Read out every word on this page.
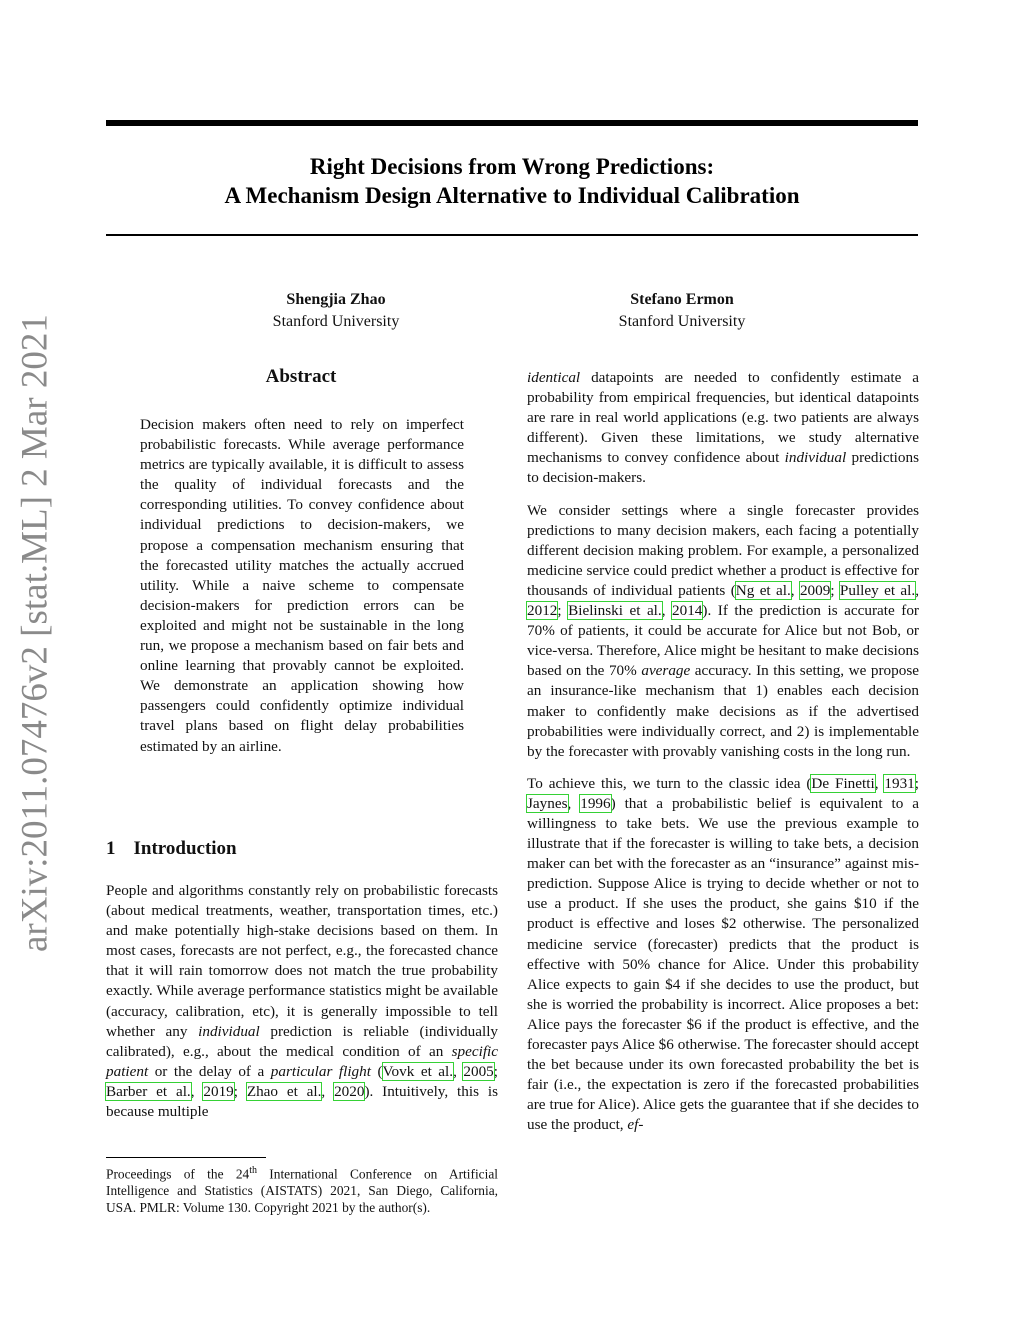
Right Decisions from Wrong Predictions:
A Mechanism Design Alternative to Individual Calibration
Shengjia Zhao
Stanford University
Stefano Ermon
Stanford University
arXiv:2011.07476v2 [stat.ML] 2 Mar 2021	Abstract
Decision makers often need to rely on imperfect probabilistic forecasts. While average performance metrics are typically available, it is difficult to assess the quality of individual forecasts and the corresponding utilities. To convey confidence about individual predictions to decision-makers, we propose a compensation mechanism ensuring that the forecasted utility matches the actually accrued utility. While a naive scheme to compensate decision-makers for prediction errors can be exploited and might not be sustainable in the long run, we propose a mechanism based on fair bets and online learning that provably cannot be exploited. We demonstrate an application showing how passengers could confidently optimize individual travel plans based on flight delay probabilities estimated by an airline.
1 Introduction
People and algorithms constantly rely on probabilistic forecasts (about medical treatments, weather, transportation times, etc.) and make potentially high-stake decisions based on them. In most cases, forecasts are not perfect, e.g., the forecasted chance that it will rain tomorrow does not match the true probability exactly. While average performance statistics might be available (accuracy, calibration, etc), it is generally impossible to tell whether any individual prediction is reliable (individually calibrated), e.g., about the medical condition of an specific patient or the delay of a particular flight (Vovk et al., 2005; Barber et al., 2019; Zhao et al., 2020). Intuitively, this is because multiple
Proceedings of the 24th International Conference on Artificial Intelligence and Statistics (AISTATS) 2021, San Diego, California, USA. PMLR: Volume 130. Copyright 2021 by the author(s).

identical datapoints are needed to confidently estimate a probability from empirical frequencies, but identical datapoints are rare in real world applications (e.g. two patients are always different). Given these limitations, we study alternative mechanisms to convey confidence about individual predictions to decision-makers.

We consider settings where a single forecaster provides predictions to many decision makers, each facing a potentially different decision making problem. For example, a personalized medicine service could predict whether a product is effective for thousands of individual patients (Ng et al., 2009; Pulley et al., 2012; Bielinski et al., 2014). If the prediction is accurate for 70% of patients, it could be accurate for Alice but not Bob, or vice-versa. Therefore, Alice might be hesitant to make decisions based on the 70% average accuracy. In this setting, we propose an insurance-like mechanism that 1) enables each decision maker to confidently make decisions as if the advertised probabilities were individually correct, and 2) is implementable by the forecaster with provably vanishing costs in the long run.

To achieve this, we turn to the classic idea (De Finetti, 1931; Jaynes, 1996) that a probabilistic belief is equivalent to a willingness to take bets. We use the previous example to illustrate that if the forecaster is willing to take bets, a decision maker can bet with the forecaster as an “insurance” against mis-prediction. Suppose Alice is trying to decide whether or not to use a product. If she uses the product, she gains $10 if the product is effective and loses $2 otherwise. The personalized medicine service (forecaster) predicts that the product is effective with 50% chance for Alice. Under this probability Alice expects to gain $4 if she decides to use the product, but she is worried the probability is incorrect. Alice proposes a bet: Alice pays the forecaster $6 if the product is effective, and the forecaster pays Alice $6 otherwise. The forecaster should accept the bet because under its own forecasted probability the bet is fair (i.e., the expectation is zero if the forecasted probabilities are true for Alice). Alice gets the guarantee that if she decides to use the product, ef-
